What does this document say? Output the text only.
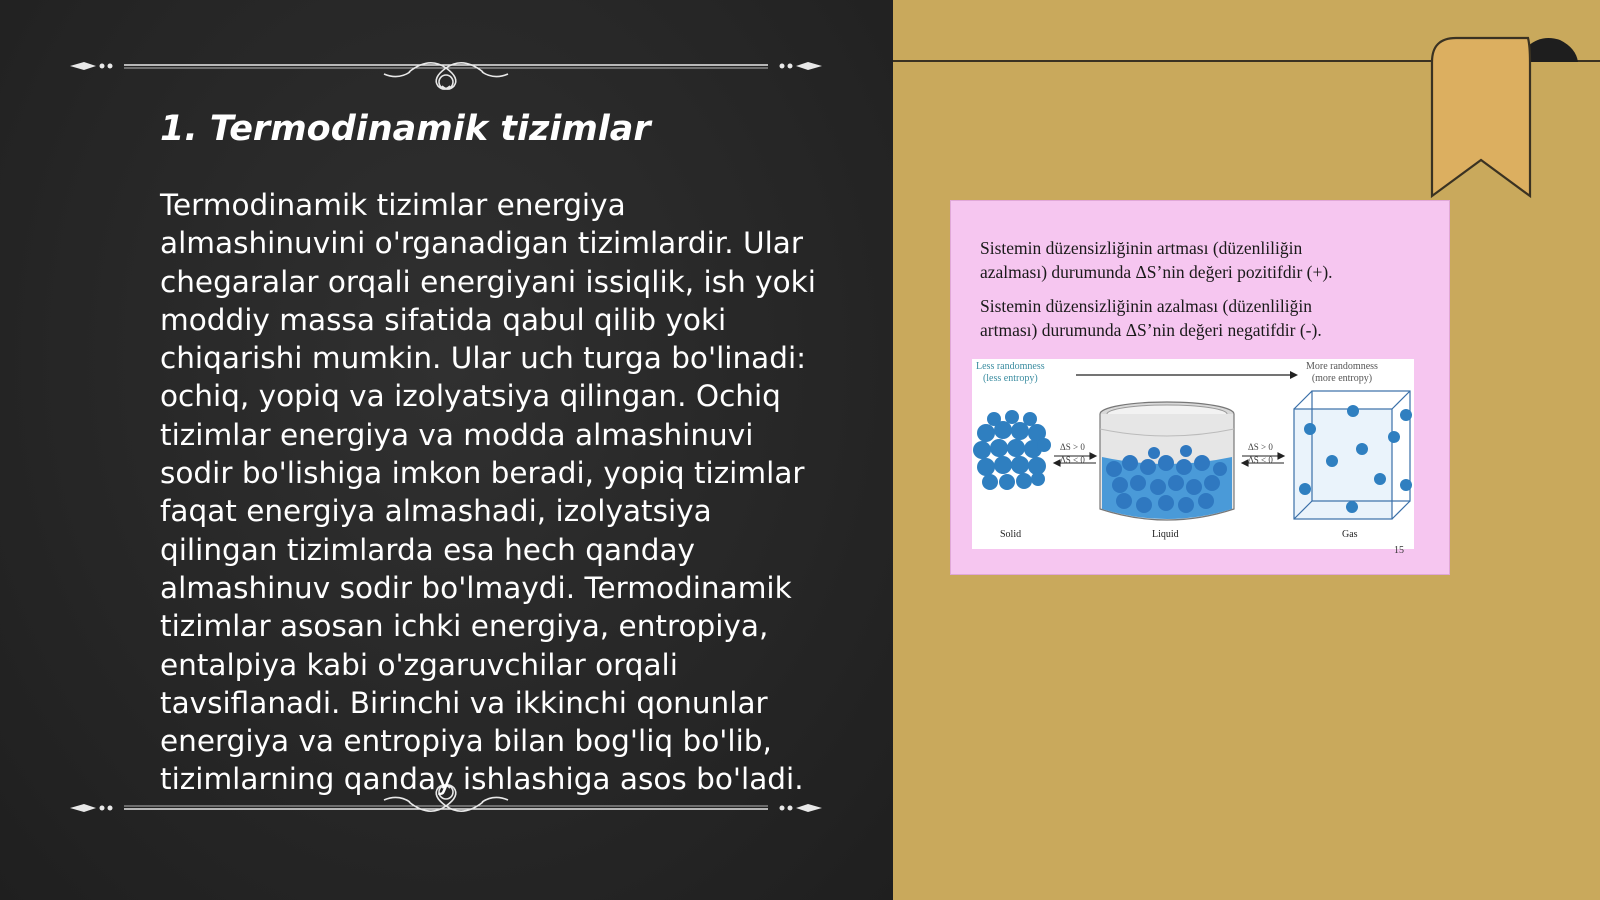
1. Termodinamik tizimlar

Termodinamik tizimlar energiya almashinuvini o'rganadigan tizimlardir. Ular chegaralar orqali energiyani issiqlik, ish yoki moddiy massa sifatida qabul qilib yoki chiqarishi mumkin. Ular uch turga bo'linadi: ochiq, yopiq va izolyatsiya qilingan. Ochiq tizimlar energiya va modda almashinuvi sodir bo'lishiga imkon beradi, yopiq tizimlar faqat energiya almashadi, izolyatsiya qilingan tizimlarda esa hech qanday almashinuv sodir bo'lmaydi. Termodinamik tizimlar asosan ichki energiya, entropiya, entalpiya kabi o'zgaruvchilar orqali tavsiflanadi. Birinchi va ikkinchi qonunlar energiya va entropiya bilan bog'liq bo'lib, tizimlarning qanday ishlashiga asos bo'ladi.

Sistemin düzensizliğinin artması (düzenliliğin
azalması) durumunda ΔS’nin değeri pozitifdir (+).

Sistemin düzensizliğinin azalması (düzenliliğin
artması) durumunda ΔS’nin değeri negatifdir (-).

Less randomness
(less entropy)
More randomness
(more entropy)
ΔS > 0
ΔS < 0
ΔS > 0
ΔS < 0
Solid	Liquid	Gas
15
